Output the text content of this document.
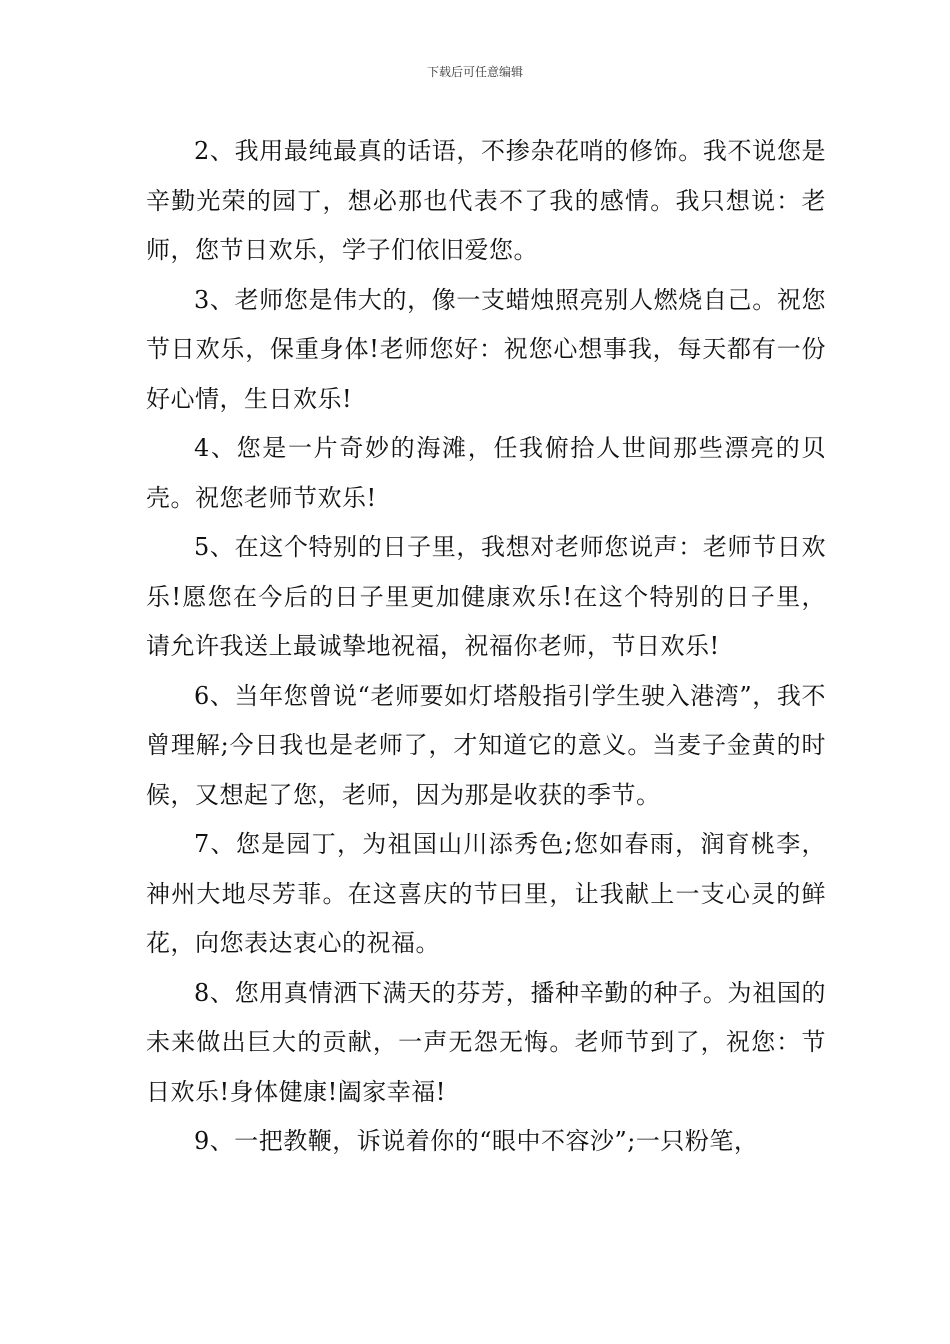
下载后可任意编辑

2、我用最纯最真的话语，不掺杂花哨的修饰。我不说您是辛勤光荣的园丁，想必那也代表不了我的感情。我只想说：老师，您节日欢乐，学子们依旧爱您。

3、老师您是伟大的，像一支蜡烛照亮别人燃烧自己。祝您节日欢乐，保重身体!老师您好：祝您心想事我，每天都有一份好心情，生日欢乐!

4、您是一片奇妙的海滩，任我俯拾人世间那些漂亮的贝壳。祝您老师节欢乐!

5、在这个特别的日子里，我想对老师您说声：老师节日欢乐!愿您在今后的日子里更加健康欢乐!在这个特别的日子里，请允许我送上最诚挚地祝福，祝福你老师，节日欢乐!

6、当年您曾说“老师要如灯塔般指引学生驶入港湾”，我不曾理解;今日我也是老师了，才知道它的意义。当麦子金黄的时候，又想起了您，老师，因为那是收获的季节。

7、您是园丁，为祖国山川添秀色;您如春雨，润育桃李，神州大地尽芳菲。在这喜庆的节曰里，让我献上一支心灵的鲜花，向您表达衷心的祝福。

8、您用真情洒下满天的芬芳，播种辛勤的种子。为祖国的未来做出巨大的贡献，一声无怨无悔。老师节到了，祝您：节日欢乐!身体健康!阖家幸福!

9、一把教鞭，诉说着你的“眼中不容沙”;一只粉笔，
